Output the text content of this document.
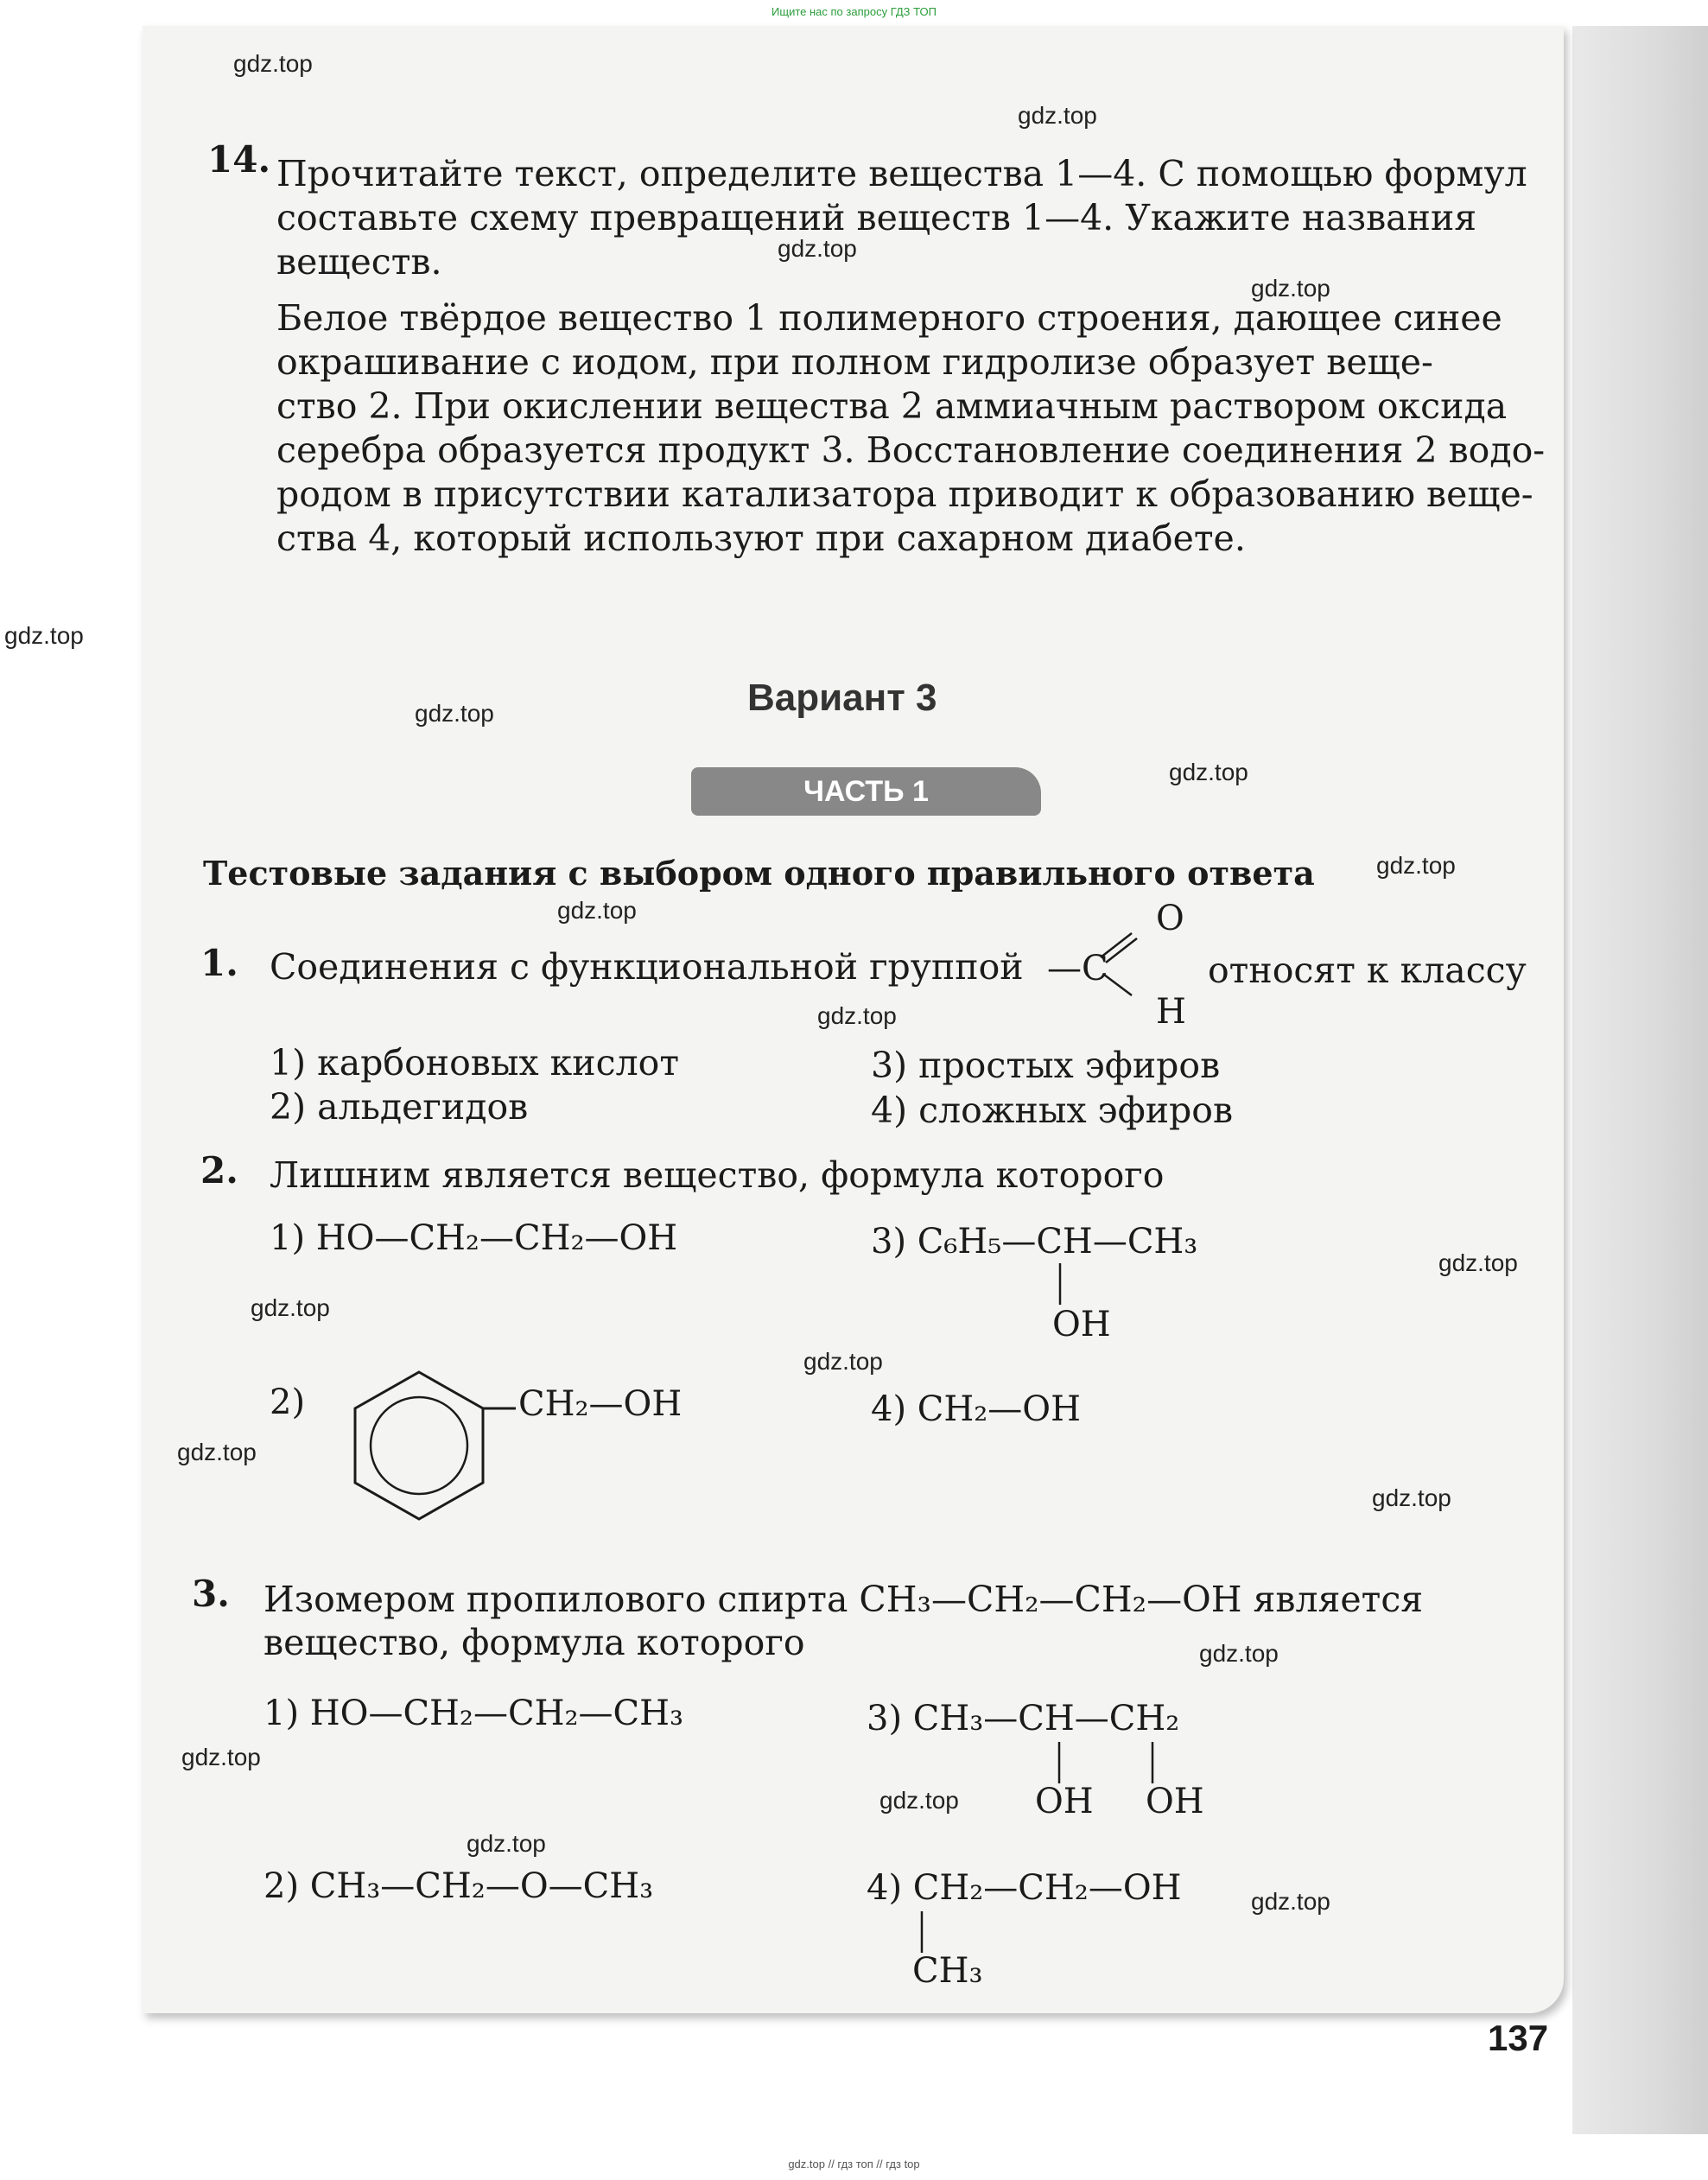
Ищите нас по запросу ГДЗ ТОП
gdz.top
gdz.top
gdz.top
gdz.top
gdz.top
gdz.top
gdz.top
gdz.top
gdz.top
gdz.top
gdz.top
gdz.top
gdz.top
gdz.top
gdz.top
gdz.top
gdz.top
gdz.top
gdz.top
gdz.top
14. Прочитайте текст, определите вещества 1—4. С помощью формул
составьте схему превращений веществ 1—4. Укажите названия
веществ.
Белое твёрдое вещество 1 полимерного строения, дающее синее
окрашивание с иодом, при полном гидролизе образует веще-
ство 2. При окислении вещества 2 аммиачным раствором оксида
серебра образуется продукт 3. Восстановление соединения 2 водо-
родом в присутствии катализатора приводит к образованию веще-
ства 4, который используют при сахарном диабете.
Вариант 3
ЧАСТЬ 1
Тестовые задания с выбором одного правильного ответа
1. Соединения с функциональной группой —C
O
H
относят к классу
1) карбоновых кислот
2) альдегидов
3) простых эфиров
4) сложных эфиров
2. Лишним является вещество, формула которого
1) HO—CH₂—CH₂—OH	3) C₆H₅—CH—CH₃
OH
2)	CH₂—OH	4) CH₂—OH
3. Изомером пропилового спирта CH₃—CH₂—CH₂—OH является
вещество, формула которого
1) HO—CH₂—CH₂—CH₃	3) CH₃—CH—CH₂
OH OH
2) CH₃—CH₂—O—CH₃	4) CH₂—CH₂—OH
CH₃
137
gdz.top // гдз топ // гдз top
